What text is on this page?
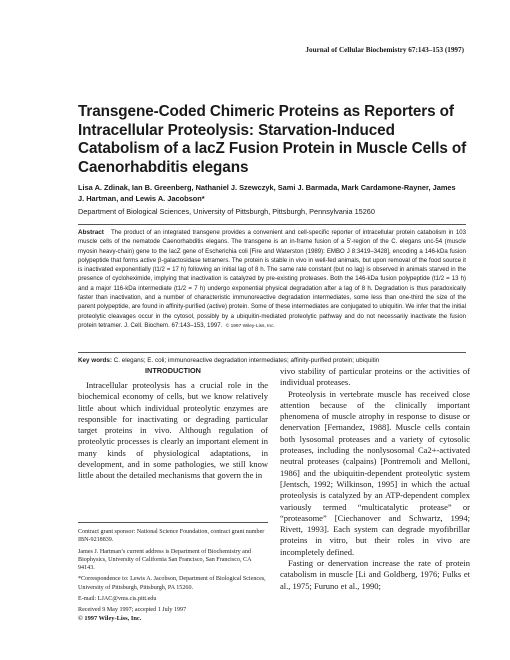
Journal of Cellular Biochemistry 67:143–153 (1997)
Transgene-Coded Chimeric Proteins as Reporters of Intracellular Proteolysis: Starvation-Induced Catabolism of a lacZ Fusion Protein in Muscle Cells of Caenorhabditis elegans
Lisa A. Zdinak, Ian B. Greenberg, Nathaniel J. Szewczyk, Sami J. Barmada, Mark Cardamone-Rayner, James J. Hartman, and Lewis A. Jacobson*
Department of Biological Sciences, University of Pittsburgh, Pittsburgh, Pennsylvania 15260
Abstract The product of an integrated transgene provides a convenient and cell-specific reporter of intracellular protein catabolism in 103 muscle cells of the nematode Caenorhabditis elegans. The transgene is an in-frame fusion of a 5′-region of the C. elegans unc-54 (muscle myosin heavy-chain) gene to the lacZ gene of Escherichia coli [Fire and Waterston (1989): EMBO J 8:3419–3428], encoding a 146-kDa fusion polypeptide that forms active β-galactosidase tetramers. The protein is stable in vivo in well-fed animals, but upon removal of the food source it is inactivated exponentially (t1/2 = 17 h) following an initial lag of 8 h. The same rate constant (but no lag) is observed in animals starved in the presence of cycloheximide, implying that inactivation is catalyzed by pre-existing proteases. Both the 146-kDa fusion polypeptide (t1/2 = 13 h) and a major 116-kDa intermediate (t1/2 = 7 h) undergo exponential physical degradation after a lag of 8 h. Degradation is thus paradoxically faster than inactivation, and a number of characteristic immunoreactive degradation intermediates, some less than one-third the size of the parent polypeptide, are found in affinity-purified (active) protein. Some of these intermediates are conjugated to ubiquitin. We infer that the initial proteolytic cleavages occur in the cytosol, possibly by a ubiquitin-mediated proteolytic pathway and do not necessarily inactivate the fusion protein tetramer. J. Cell. Biochem. 67:143–153, 1997. © 1997 Wiley-Liss, Inc.
Key words: C. elegans; E. coli; immunoreactive degradation intermediates; affinity-purified protein; ubiquitin
INTRODUCTION

Intracellular proteolysis has a crucial role in the biochemical economy of cells, but we know relatively little about which individual proteolytic enzymes are responsible for inactivating or degrading particular target proteins in vivo. Although regulation of proteolytic processes is clearly an important element in many kinds of physiological adaptations, in development, and in some pathologies, we still know little about the detailed mechanisms that govern the in

vivo stability of particular proteins or the activities of individual proteases.

Proteolysis in vertebrate muscle has received close attention because of the clinically important phenomena of muscle atrophy in response to disuse or denervation [Fernandez, 1988]. Muscle cells contain both lysosomal proteases and a variety of cytosolic proteases, including the nonlysosomal Ca2+-activated neutral proteases (calpains) [Pontremoli and Melloni, 1986] and the ubiquitin-dependent proteolytic system [Jentsch, 1992; Wilkinson, 1995] in which the actual proteolysis is catalyzed by an ATP-dependent complex variously termed “multicatalytic protease” or “proteasome” [Ciechanover and Schwartz, 1994; Rivett, 1993]. Each system can degrade myofibrillar proteins in vitro, but their roles in vivo are incompletely defined.

Fasting or denervation increase the rate of protein catabolism in muscle [Li and Goldberg, 1976; Fulks et al., 1975; Furuno et al., 1990;

Contract grant sponsor: National Science Foundation, contract grant number IBN-9218839.

James J. Hartman’s current address is Department of Biochemistry and Biophysics, University of California San Francisco, San Francisco, CA 94143.

*Correspondence to: Lewis A. Jacobson, Department of Biological Sciences, University of Pittsburgh, Pittsburgh, PA 15260.

E-mail: LJAC@vms.cis.pitt.edu

Received 9 May 1997; accepted 1 July 1997

© 1997 Wiley-Liss, Inc.
